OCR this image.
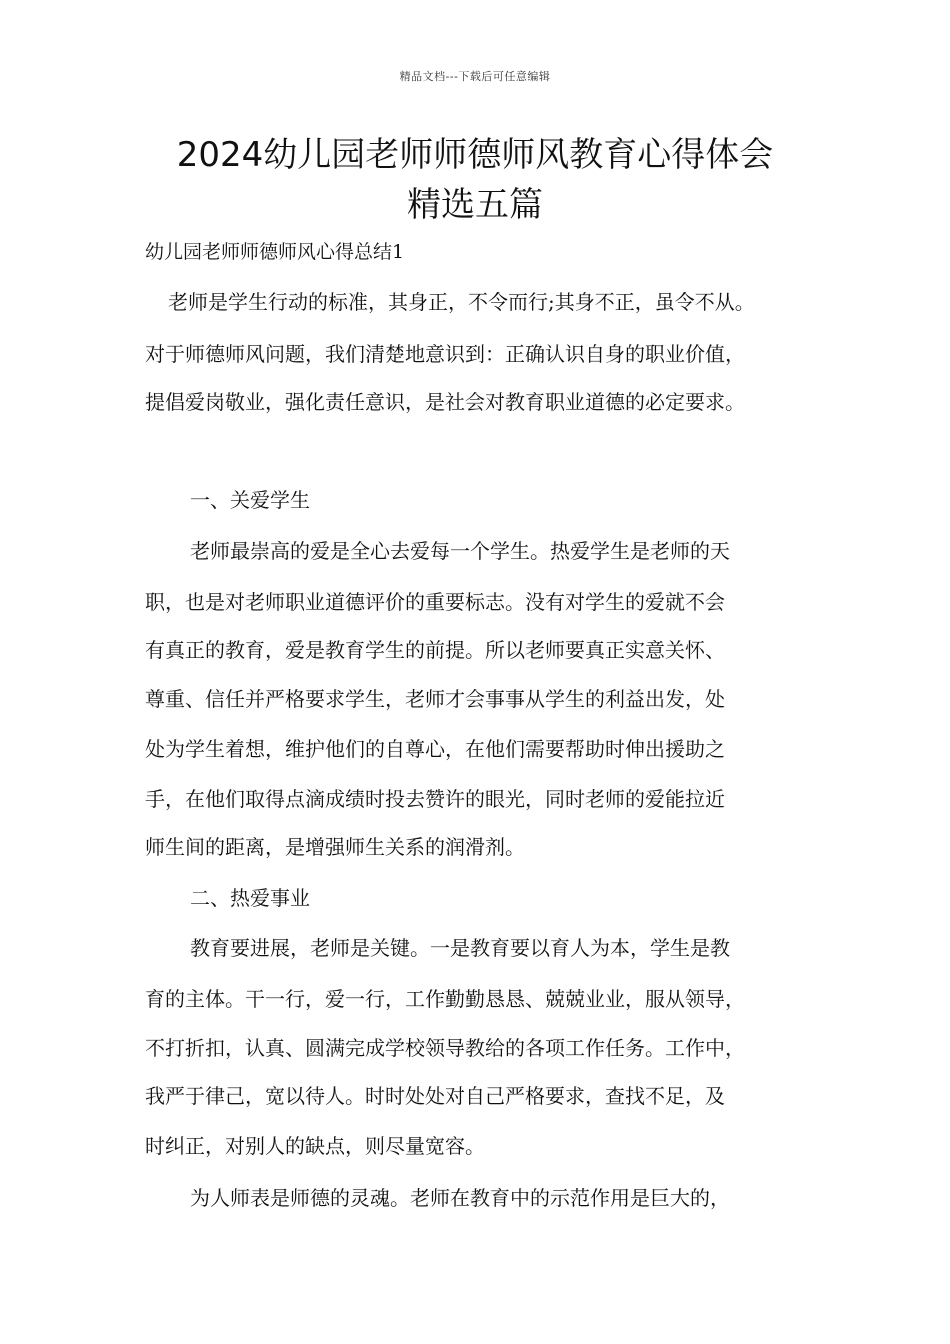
精品文档---下载后可任意编辑
2024幼儿园老师师德师风教育心得体会
精选五篇
幼儿园老师师德师风心得总结1
老师是学生行动的标准，其身正，不令而行;其身不正，虽令不从。
对于师德师风问题，我们清楚地意识到：正确认识自身的职业价值，
提倡爱岗敬业，强化责任意识，是社会对教育职业道德的必定要求。
一、关爱学生
老师最崇高的爱是全心去爱每一个学生。热爱学生是老师的天
职，也是对老师职业道德评价的重要标志。没有对学生的爱就不会
有真正的教育，爱是教育学生的前提。所以老师要真正实意关怀、
尊重、信任并严格要求学生，老师才会事事从学生的利益出发，处
处为学生着想，维护他们的自尊心，在他们需要帮助时伸出援助之
手，在他们取得点滴成绩时投去赞许的眼光，同时老师的爱能拉近
师生间的距离，是增强师生关系的润滑剂。
二、热爱事业
教育要进展，老师是关键。一是教育要以育人为本，学生是教
育的主体。干一行，爱一行，工作勤勤恳恳、兢兢业业，服从领导，
不打折扣，认真、圆满完成学校领导教给的各项工作任务。工作中，
我严于律己，宽以待人。时时处处对自己严格要求，查找不足，及
时纠正，对别人的缺点，则尽量宽容。
为人师表是师德的灵魂。老师在教育中的示范作用是巨大的，
